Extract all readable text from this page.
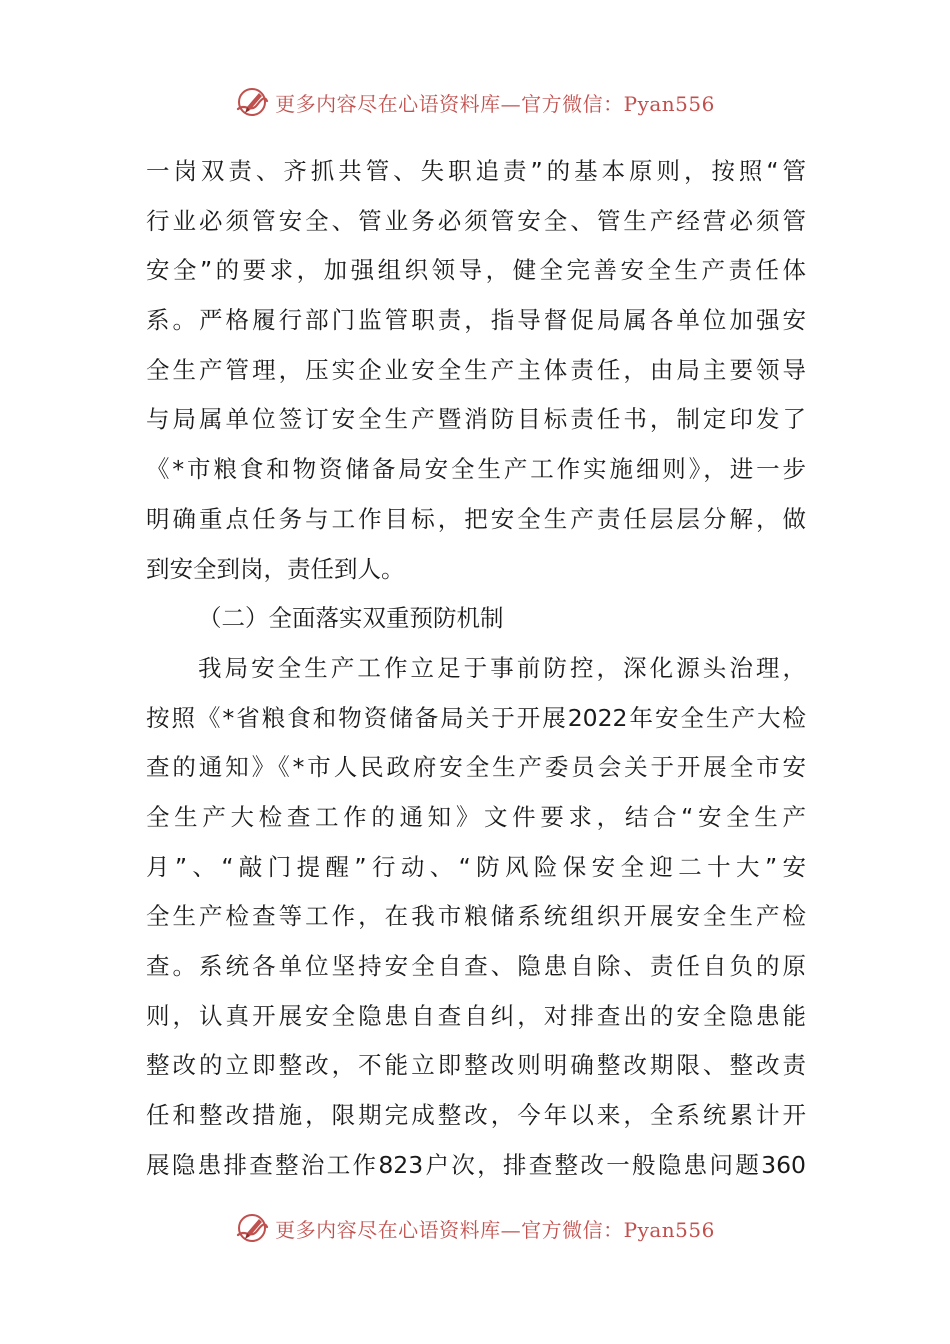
更多内容尽在心语资料库—官方微信：Pyan556
一岗双责、齐抓共管、失职追责”的基本原则，按照“管
行业必须管安全、管业务必须管安全、管生产经营必须管
安全”的要求，加强组织领导，健全完善安全生产责任体
系。严格履行部门监管职责，指导督促局属各单位加强安
全生产管理，压实企业安全生产主体责任，由局主要领导
与局属单位签订安全生产暨消防目标责任书，制定印发了
《*市粮食和物资储备局安全生产工作实施细则》，进一步
明确重点任务与工作目标，把安全生产责任层层分解，做
到安全到岗，责任到人。
（二）全面落实双重预防机制
我局安全生产工作立足于事前防控，深化源头治理，
按照《*省粮食和物资储备局关于开展2022年安全生产大检
查的通知》《*市人民政府安全生产委员会关于开展全市安
全生产大检查工作的通知》文件要求，结合“安全生产
月”、“敲门提醒”行动、“防风险保安全迎二十大”安
全生产检查等工作，在我市粮储系统组织开展安全生产检
查。系统各单位坚持安全自查、隐患自除、责任自负的原
则，认真开展安全隐患自查自纠，对排查出的安全隐患能
整改的立即整改，不能立即整改则明确整改期限、整改责
任和整改措施，限期完成整改，今年以来，全系统累计开
展隐患排查整治工作823户次，排查整改一般隐患问题360
更多内容尽在心语资料库—官方微信：Pyan556
